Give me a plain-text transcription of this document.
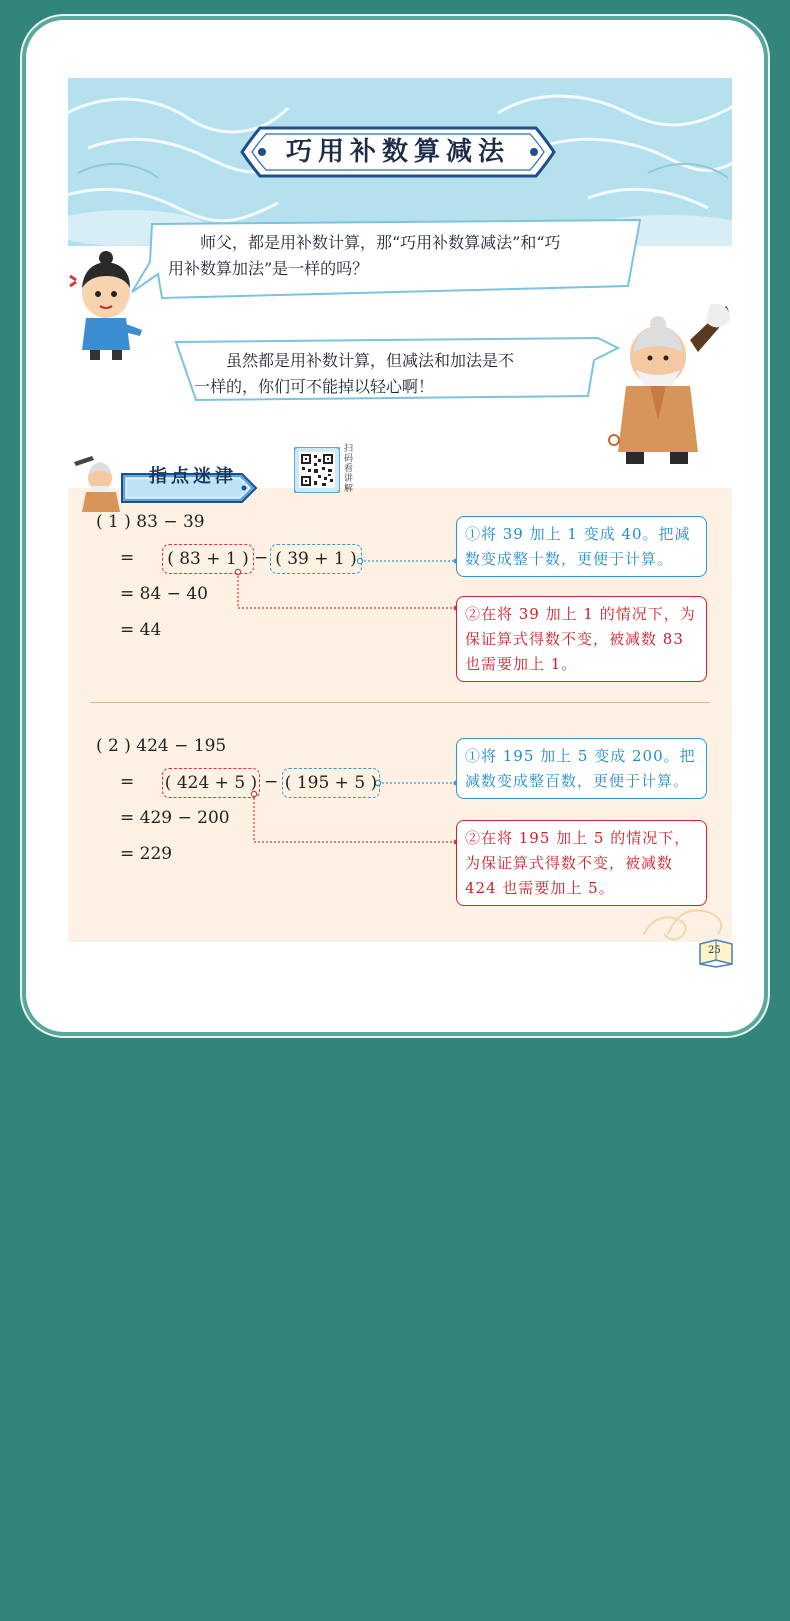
巧用补数算减法
师父，都是用补数计算，那“巧用补数算减法”和“巧
用补数算加法”是一样的吗？
虽然都是用补数计算，但减法和加法是不
一样的，你们可不能掉以轻心啊！
指点迷津
扫码看讲解
( 1 ) 83 − 39
=	( 83 + 1 ) − ( 39 + 1 )
= 84 − 40
= 44
①将 39 加上 1 变成 40。把减数变成整十数，更便于计算。
②在将 39 加上 1 的情况下，为保证算式得数不变，被减数 83 也需要加上 1。
( 2 ) 424 − 195
= ( 424 + 5 ) − ( 195 + 5 )
= 429 − 200
= 229
①将 195 加上 5 变成 200。把减数变成整百数，更便于计算。
②在将 195 加上 5 的情况下，为保证算式得数不变，被减数 424 也需要加上 5。
25
